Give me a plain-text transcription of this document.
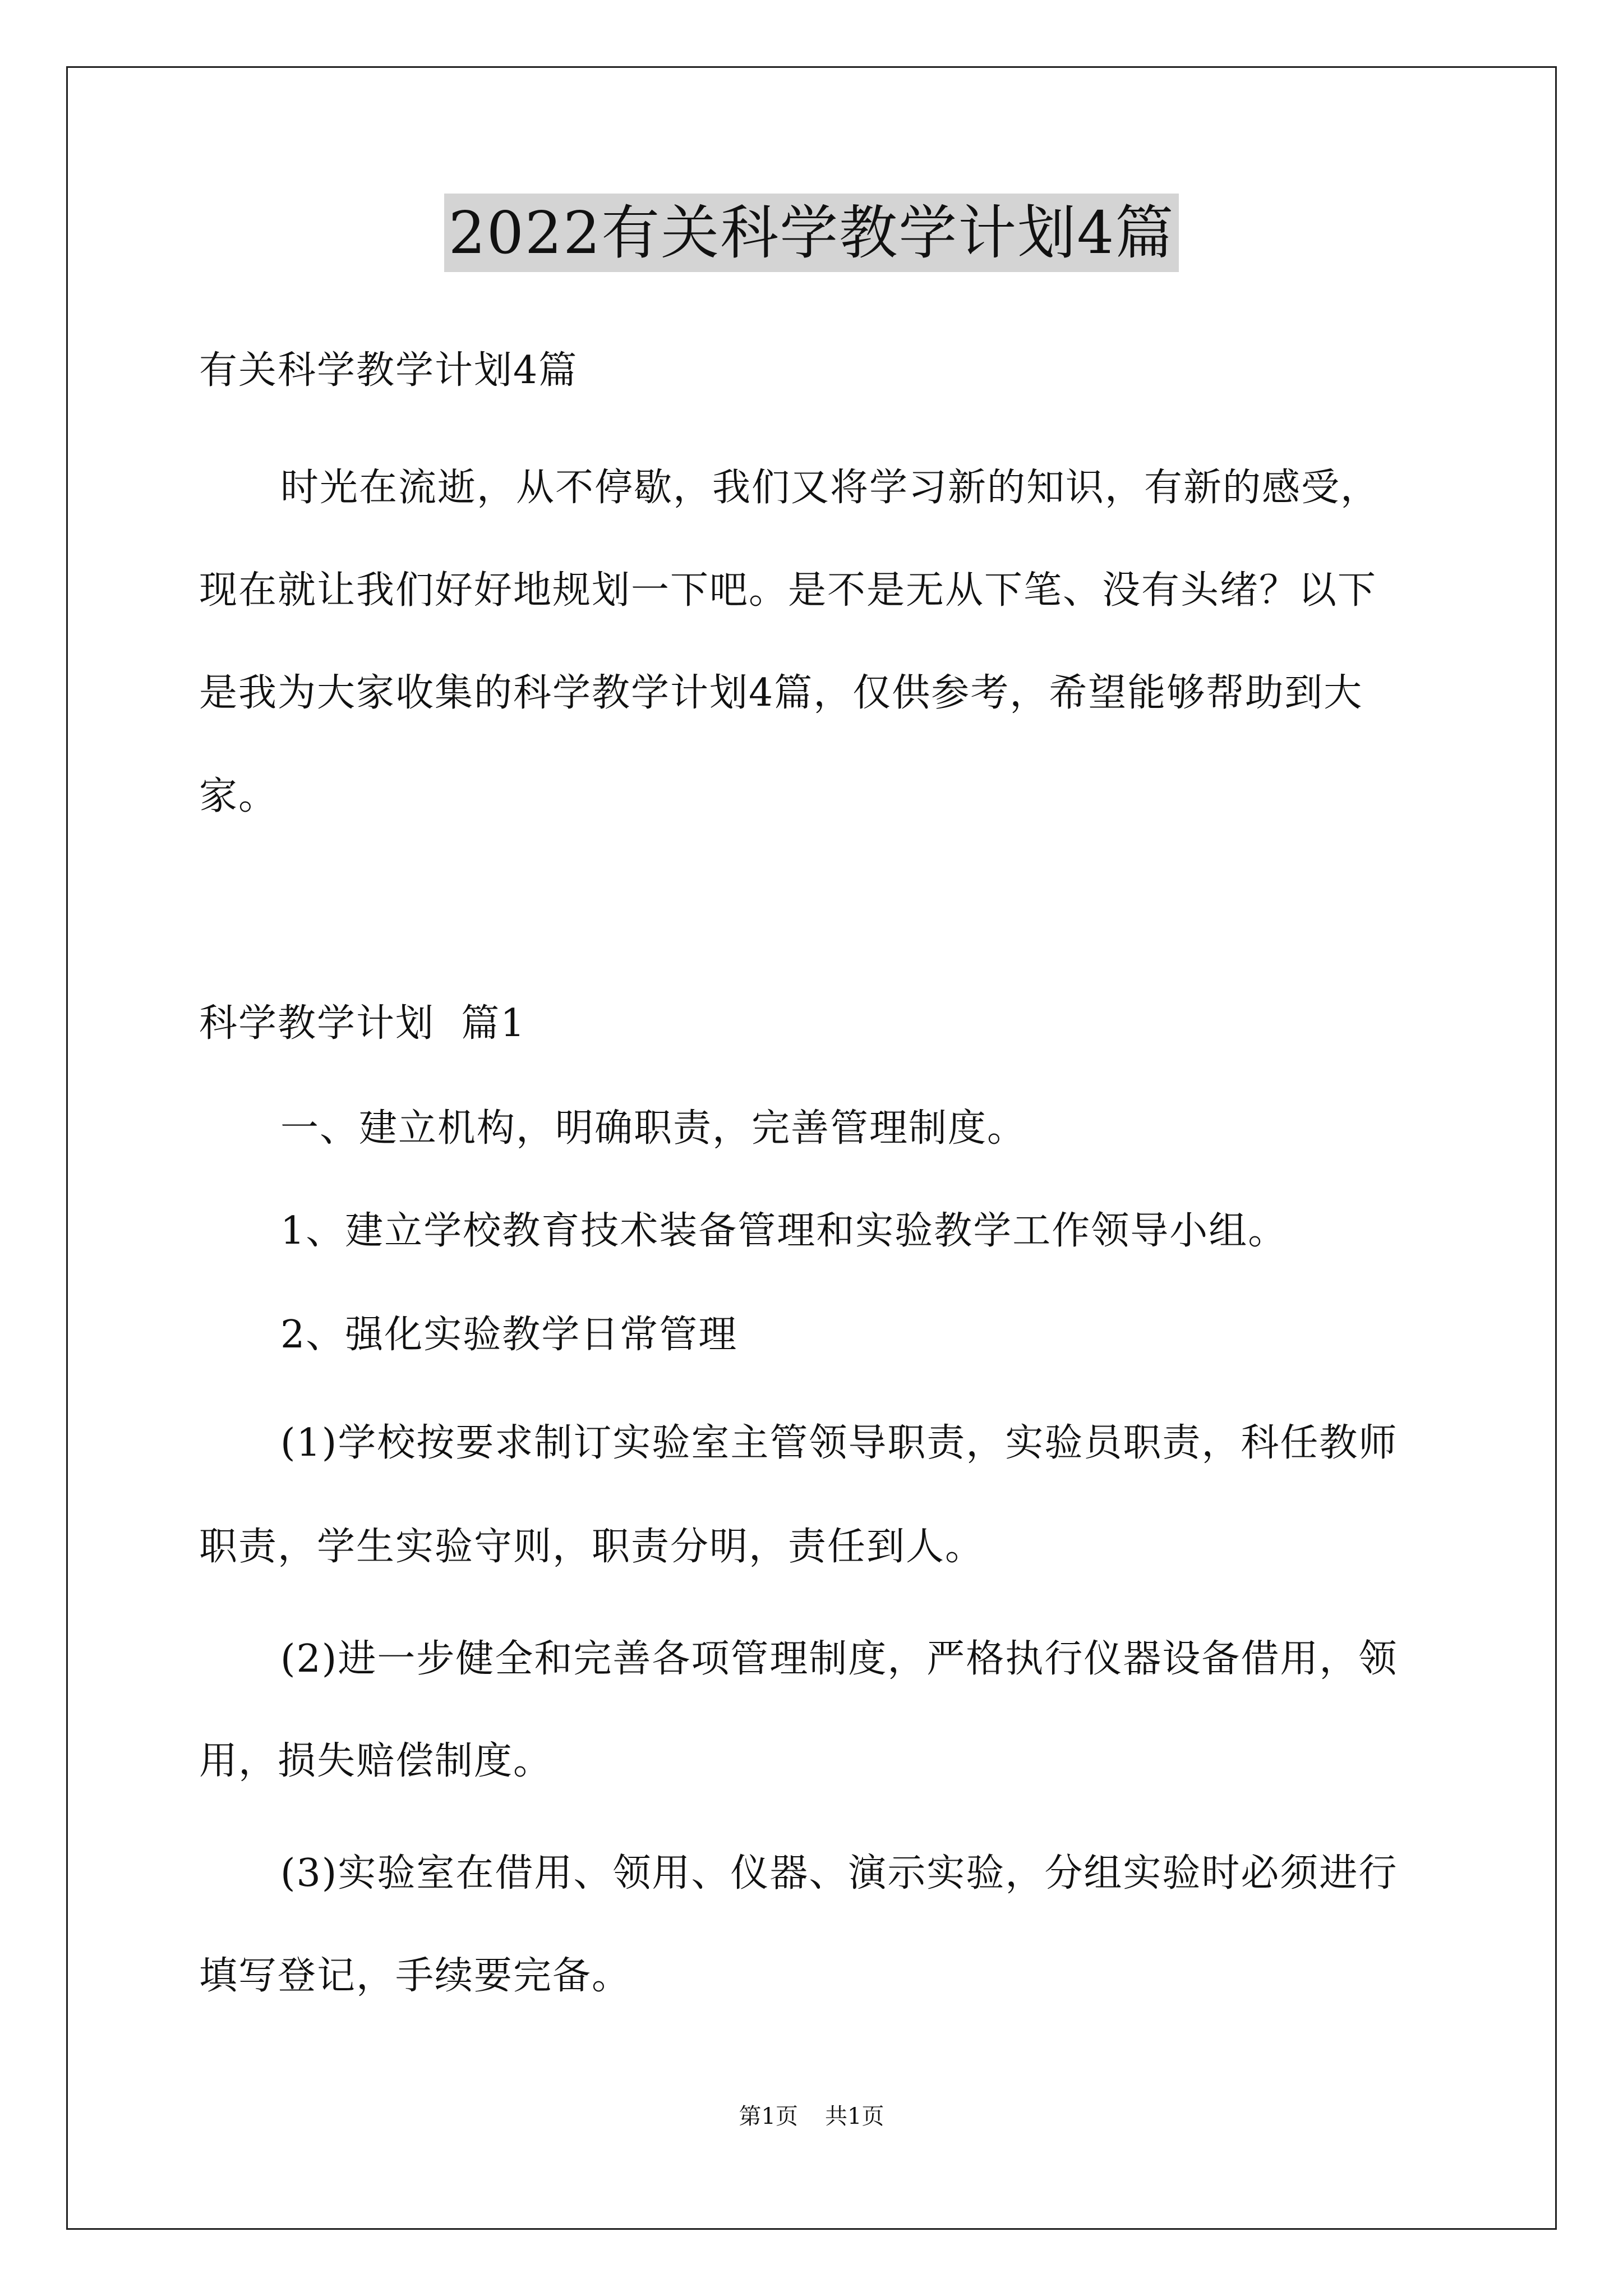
2022有关科学教学计划4篇
有关科学教学计划4篇
时光在流逝，从不停歇，我们又将学习新的知识，有新的感受，
现在就让我们好好地规划一下吧。是不是无从下笔、没有头绪？以下
是我为大家收集的科学教学计划4篇，仅供参考，希望能够帮助到大
家。
科学教学计划  篇1
一、建立机构，明确职责，完善管理制度。
1、建立学校教育技术装备管理和实验教学工作领导小组。
2、强化实验教学日常管理
(1)学校按要求制订实验室主管领导职责，实验员职责，科任教师
职责，学生实验守则，职责分明，责任到人。
(2)进一步健全和完善各项管理制度，严格执行仪器设备借用，领
用，损失赔偿制度。
(3)实验室在借用、领用、仪器、演示实验，分组实验时必须进行
填写登记，手续要完备。
第1页 共1页
